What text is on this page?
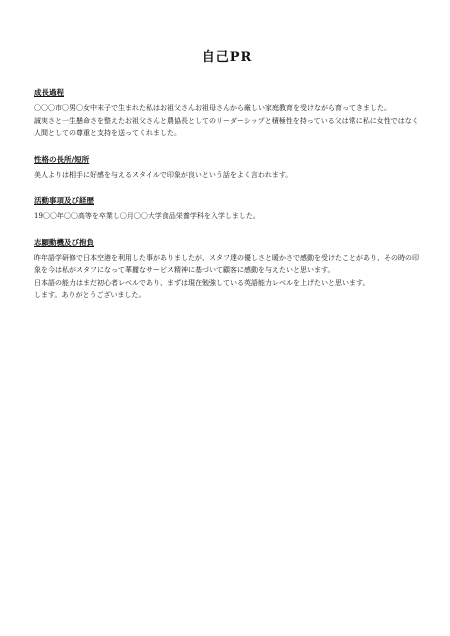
自己PR
成長過程

〇〇〇市〇男〇女中末子で生まれた私はお祖父さんお祖母さんから厳しい家庭教育を受けながら育ってきました。

誠実さと一生懸命さを整えたお祖父さんと農協長としてのリーダーシップと積極性を持っている父は常に私に女性ではなく人間としての尊重と支持を送ってくれました。

性格の長所/短所

美人よりは相手に好感を与えるスタイルで印象が良いという話をよく言われます。

活動事項及び経歴

19〇〇年〇〇高等を卒業し〇月〇〇大学食品栄養学科を入学しました。

志願動機及び抱負

昨年語学研修で日本空港を利用した事がありましたが、スタフ達の優しさと暖かさで感動を受けたことがあり、その時の印象を今は私がスタフになって華麗なサービス精神に基づいて顧客に感動を与えたいと思います。

日本語の能力はまだ初心者レベルであり、まずは現在勉強している英語能力レベルを上げたいと思います。

します。ありがとうございました。
